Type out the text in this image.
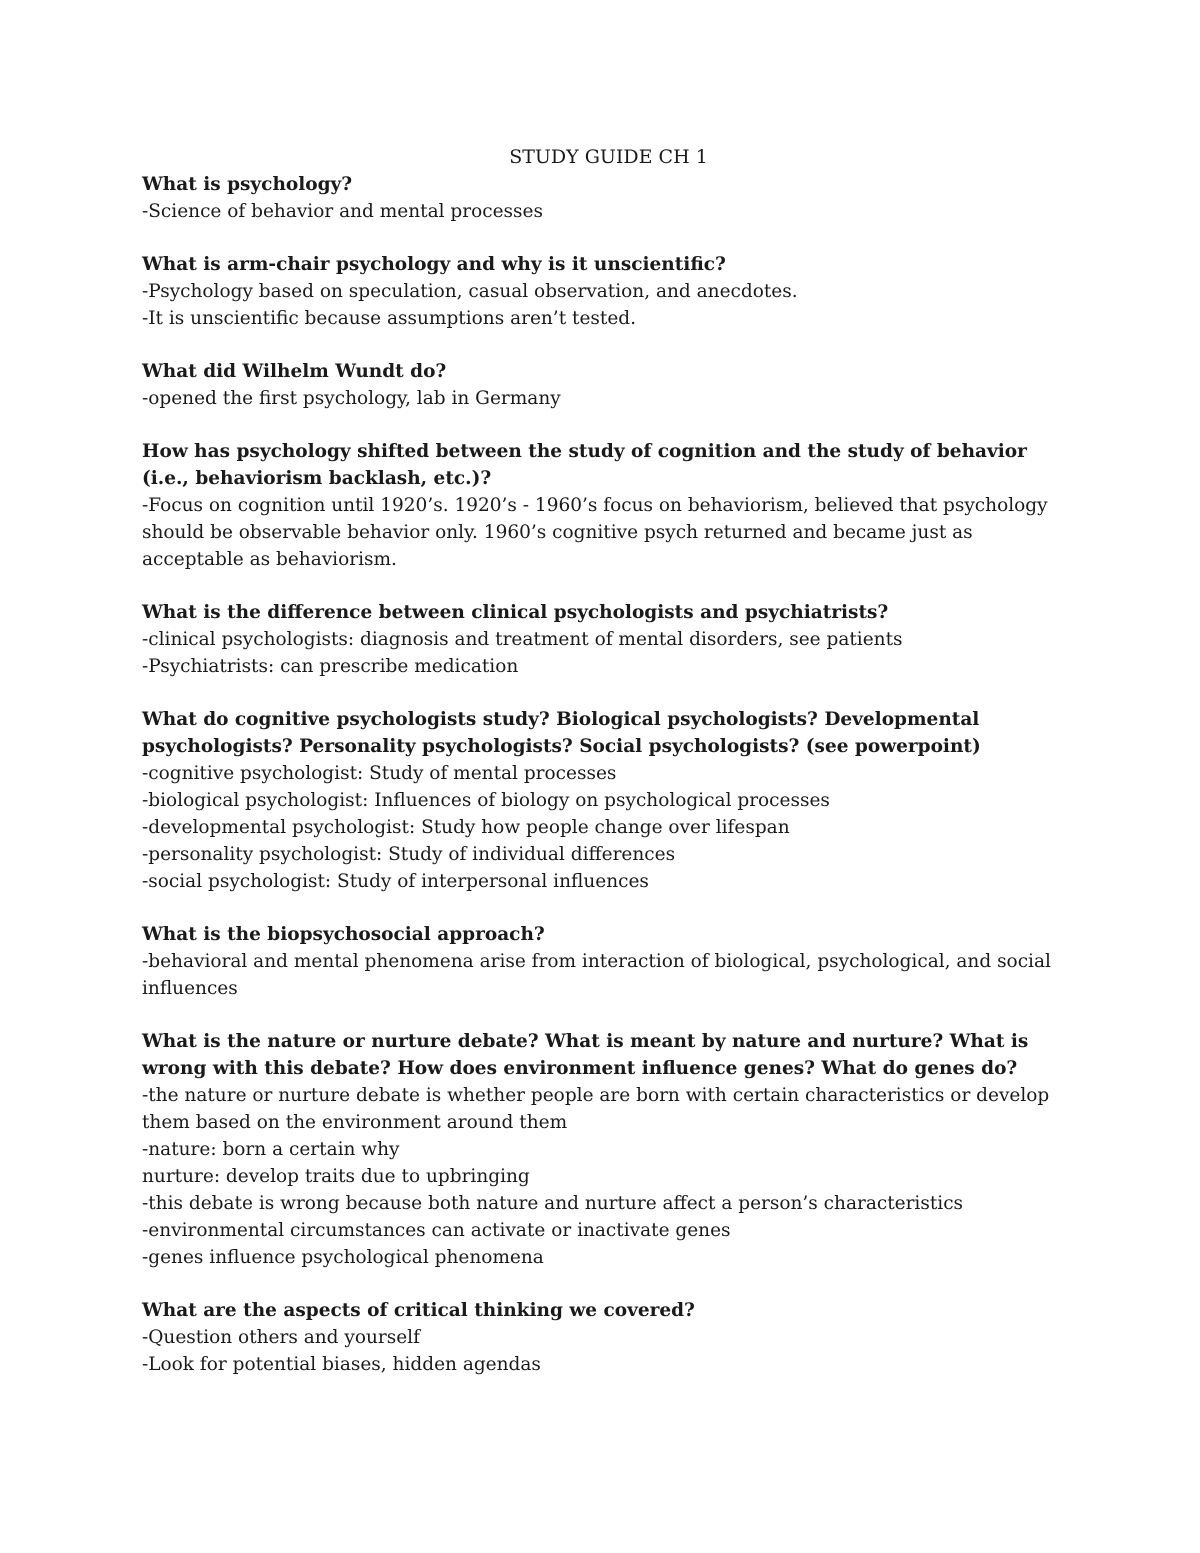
STUDY GUIDE CH 1

What is psychology?

-Science of behavior and mental processes

What is arm-chair psychology and why is it unscientific?

-Psychology based on speculation, casual observation, and anecdotes.

-It is unscientific because assumptions aren’t tested.

What did Wilhelm Wundt do?

-opened the first psychology, lab in Germany

How has psychology shifted between the study of cognition and the study of behavior (i.e., behaviorism backlash, etc.)?

-Focus on cognition until 1920’s. 1920’s - 1960’s focus on behaviorism, believed that psychology should be observable behavior only. 1960’s cognitive psych returned and became just as acceptable as behaviorism.

What is the difference between clinical psychologists and psychiatrists?

-clinical psychologists: diagnosis and treatment of mental disorders, see patients

-Psychiatrists: can prescribe medication

What do cognitive psychologists study? Biological psychologists? Developmental psychologists? Personality psychologists? Social psychologists? (see powerpoint)

-cognitive psychologist: Study of mental processes

-biological psychologist: Influences of biology on psychological processes

-developmental psychologist: Study how people change over lifespan

-personality psychologist: Study of individual differences

-social psychologist: Study of interpersonal influences

What is the biopsychosocial approach?

-behavioral and mental phenomena arise from interaction of biological, psychological, and social influences

What is the nature or nurture debate? What is meant by nature and nurture? What is wrong with this debate? How does environment influence genes? What do genes do?

-the nature or nurture debate is whether people are born with certain characteristics or develop them based on the environment around them

-nature: born a certain why

nurture: develop traits due to upbringing

-this debate is wrong because both nature and nurture affect a person’s characteristics

-environmental circumstances can activate or inactivate genes

-genes influence psychological phenomena

What are the aspects of critical thinking we covered?

-Question others and yourself

-Look for potential biases, hidden agendas
